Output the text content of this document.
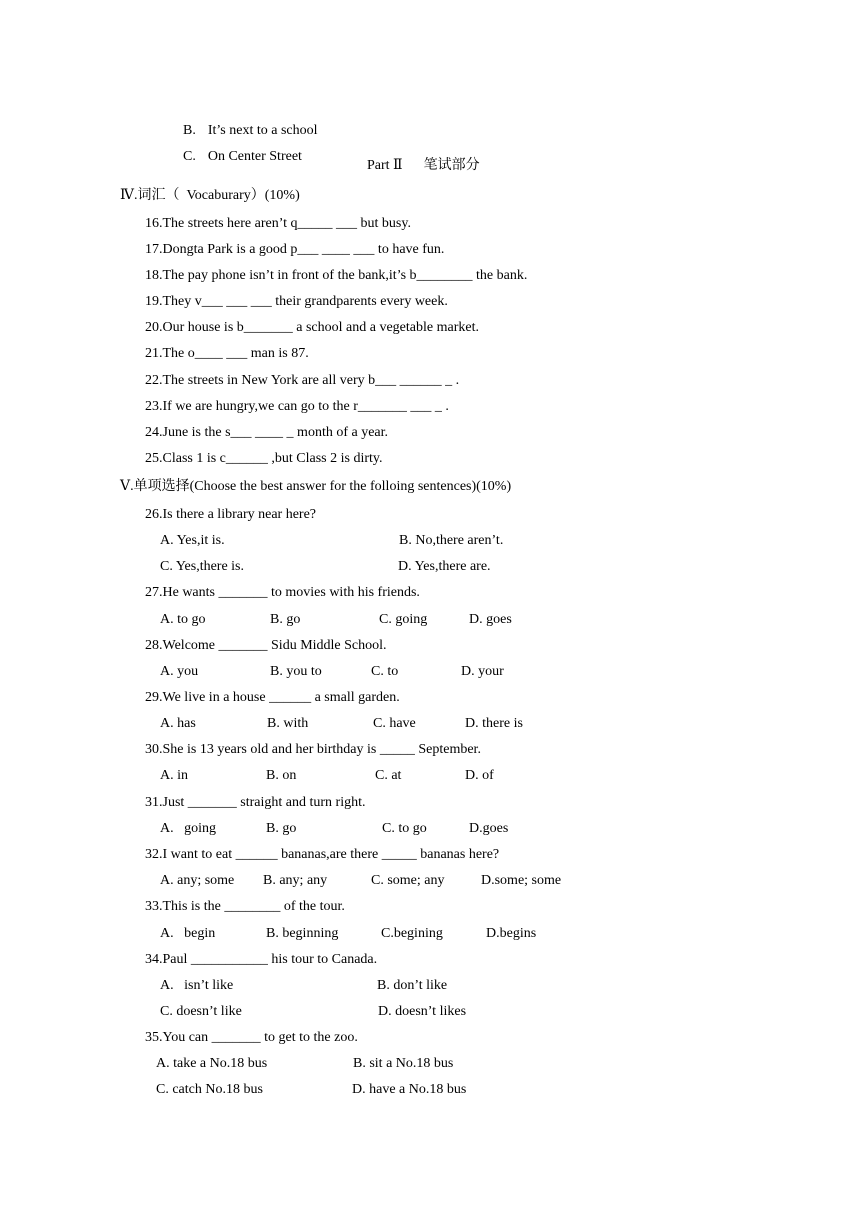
B. It’s next to a school

C. On Center Street

Part Ⅱ      笔试部分
Ⅳ.词汇（  Vocaburary）(10%)
16.The streets here aren’t q_____ ___ but busy.
17.Dongta Park is a good p___ ____ ___ to have fun.
18.The pay phone isn’t in front of the bank,it’s b________ the bank.
19.They v___ ___ ___ their grandparents every week.
20.Our house is b_______ a school and a vegetable market.
21.The o____ ___ man is 87.
22.The streets in New York are all very b___ ______ _ .
23.If we are hungry,we can go to the r_______ ___ _ .
24.June is the s___ ____ _ month of a year.
25.Class 1 is c______ ,but Class 2 is dirty.
Ⅴ.单项选择(Choose the best answer for the folloing sentences)(10%)
26.Is there a library near here?
A. Yes,it is.	B. No,there aren’t.
C. Yes,there is.	D. Yes,there are.
27.He wants _______ to movies with his friends.
A. to go	B. go	C. going	D. goes
28.Welcome _______ Sidu Middle School.
A. you	B. you to	C. to	D. your
29.We live in a house ______ a small garden.
A. has	B. with	C. have	D. there is
30.She is 13 years old and her birthday is _____ September.
A. in	B. on	C. at	D. of
31.Just _______ straight and turn right.
A.   going	B. go	C. to go	D.goes
32.I want to eat ______ bananas,are there _____ bananas here?
A. any; some B. any; any	C. some; any	D.some; some
33.This is the ________ of the tour.
A.   begin	B. beginning	C.begining	D.begins
34.Paul ___________ his tour to Canada.
A.   isn’t like	B. don’t like
C. doesn’t like	D. doesn’t likes
35.You can _______ to get to the zoo.
A. take a No.18 bus	B. sit a No.18 bus
C. catch No.18 bus	D. have a No.18 bus
